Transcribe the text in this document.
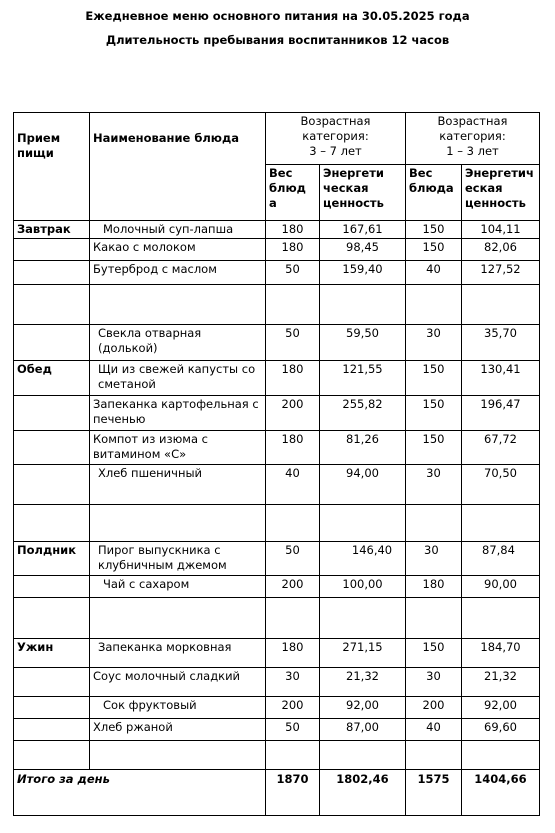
Ежедневное меню основного питания на 30.05.2025 года
Длительность пребывания воспитанников 12 часов
Прием пищи	Наименование блюда	Возрастная категория: 3 – 7 лет		Возрастная категория: 1 – 3 лет	
		Вес блюд а	Энергети ческая ценность	Вес блюда	Энергетич еская ценность
Завтрак	Молочный суп-лапша	180	167,61	150	104,11
	Какао с молоком	180	98,45	150	82,06
	Бутерброд с маслом	50	159,40	40	127,52

	Свекла отварная (долькой)	50	59,50	30	35,70
Обед	Щи из свежей капусты со сметаной	180	121,55	150	130,41
	Запеканка картофельная с печенью	200	255,82	150	196,47
	Компот из изюма с витамином «С»	180	81,26	150	67,72
	Хлеб пшеничный	40	94,00	30	70,50

Полдник	Пирог выпускника с клубничным джемом	50	146,40	30	87,84
	Чай с сахаром	200	100,00	180	90,00

Ужин	Запеканка морковная	180	271,15	150	184,70
	Соус молочный сладкий	30	21,32	30	21,32
	Сок фруктовый	200	92,00	200	92,00
	Хлеб ржаной	50	87,00	40	69,60

Итого за день		1870	1802,46	1575	1404,66
